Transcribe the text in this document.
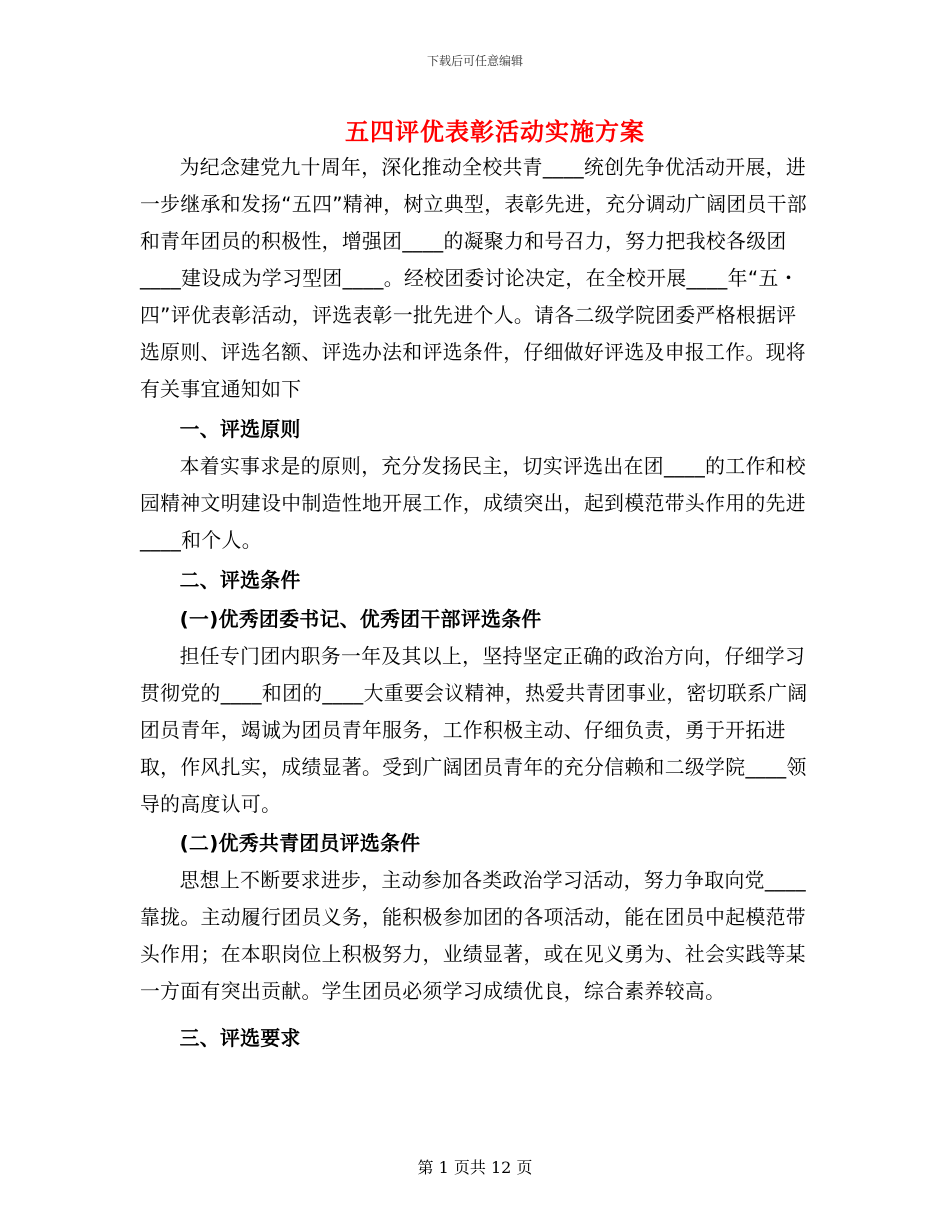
下载后可任意编辑
五四评优表彰活动实施方案

为纪念建党九十周年，深化推动全校共青____统创先争优活动开展，进一步继承和发扬“五四”精神，树立典型，表彰先进，充分调动广阔团员干部和青年团员的积极性，增强团____的凝聚力和号召力，努力把我校各级团____建设成为学习型团____。经校团委讨论决定，在全校开展____年“五・四”评优表彰活动，评选表彰一批先进个人。请各二级学院团委严格根据评选原则、评选名额、评选办法和评选条件，仔细做好评选及申报工作。现将有关事宜通知如下

一、评选原则

本着实事求是的原则，充分发扬民主，切实评选出在团____的工作和校园精神文明建设中制造性地开展工作，成绩突出，起到模范带头作用的先进____和个人。

二、评选条件

(一)优秀团委书记、优秀团干部评选条件

担任专门团内职务一年及其以上，坚持坚定正确的政治方向，仔细学习贯彻党的____和团的____大重要会议精神，热爱共青团事业，密切联系广阔团员青年，竭诚为团员青年服务，工作积极主动、仔细负责，勇于开拓进取，作风扎实，成绩显著。受到广阔团员青年的充分信赖和二级学院____领导的高度认可。

(二)优秀共青团员评选条件

思想上不断要求进步，主动参加各类政治学习活动，努力争取向党____靠拢。主动履行团员义务，能积极参加团的各项活动，能在团员中起模范带头作用；在本职岗位上积极努力，业绩显著，或在见义勇为、社会实践等某一方面有突出贡献。学生团员必须学习成绩优良，综合素养较高。

三、评选要求

第 1 页共 12 页
